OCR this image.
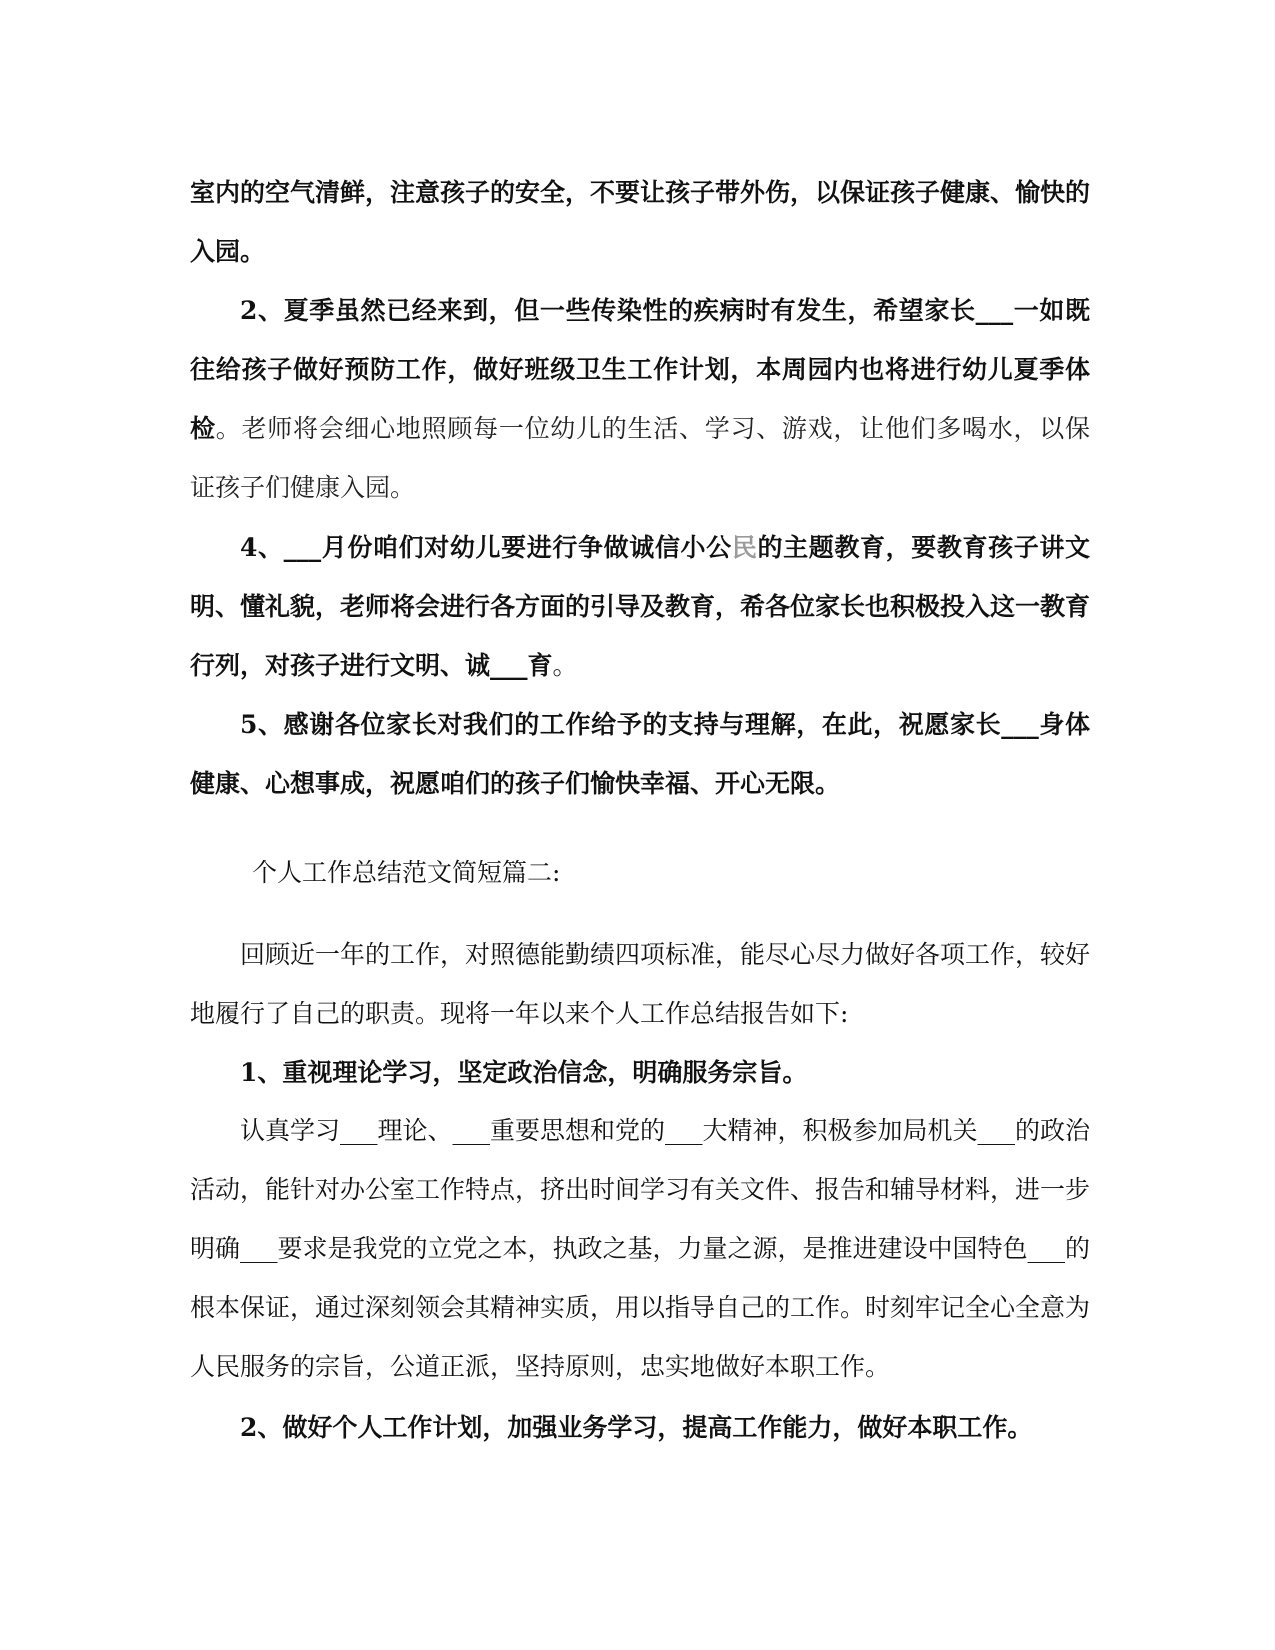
室内的空气清鲜，注意孩子的安全，不要让孩子带外伤，以保证孩子健康、愉快的入园。

2、夏季虽然已经来到，但一些传染性的疾病时有发生，希望家长___一如既往给孩子做好预防工作，做好班级卫生工作计划，本周园内也将进行幼儿夏季体检。老师将会细心地照顾每一位幼儿的生活、学习、游戏，让他们多喝水，以保证孩子们健康入园。

4、___月份咱们对幼儿要进行争做诚信小公民的主题教育，要教育孩子讲文明、懂礼貌，老师将会进行各方面的引导及教育，希各位家长也积极投入这一教育行列，对孩子进行文明、诚___育。

5、感谢各位家长对我们的工作给予的支持与理解，在此，祝愿家长___身体健康、心想事成，祝愿咱们的孩子们愉快幸福、开心无限。

个人工作总结范文简短篇二:

回顾近一年的工作，对照德能勤绩四项标准，能尽心尽力做好各项工作，较好地履行了自己的职责。现将一年以来个人工作总结报告如下:

1、重视理论学习，坚定政治信念，明确服务宗旨。

认真学习___理论、___重要思想和党的___大精神，积极参加局机关___的政治活动，能针对办公室工作特点，挤出时间学习有关文件、报告和辅导材料，进一步明确___要求是我党的立党之本，执政之基，力量之源，是推进建设中国特色___的根本保证，通过深刻领会其精神实质，用以指导自己的工作。时刻牢记全心全意为人民服务的宗旨，公道正派，坚持原则，忠实地做好本职工作。

2、做好个人工作计划，加强业务学习，提高工作能力，做好本职工作。
